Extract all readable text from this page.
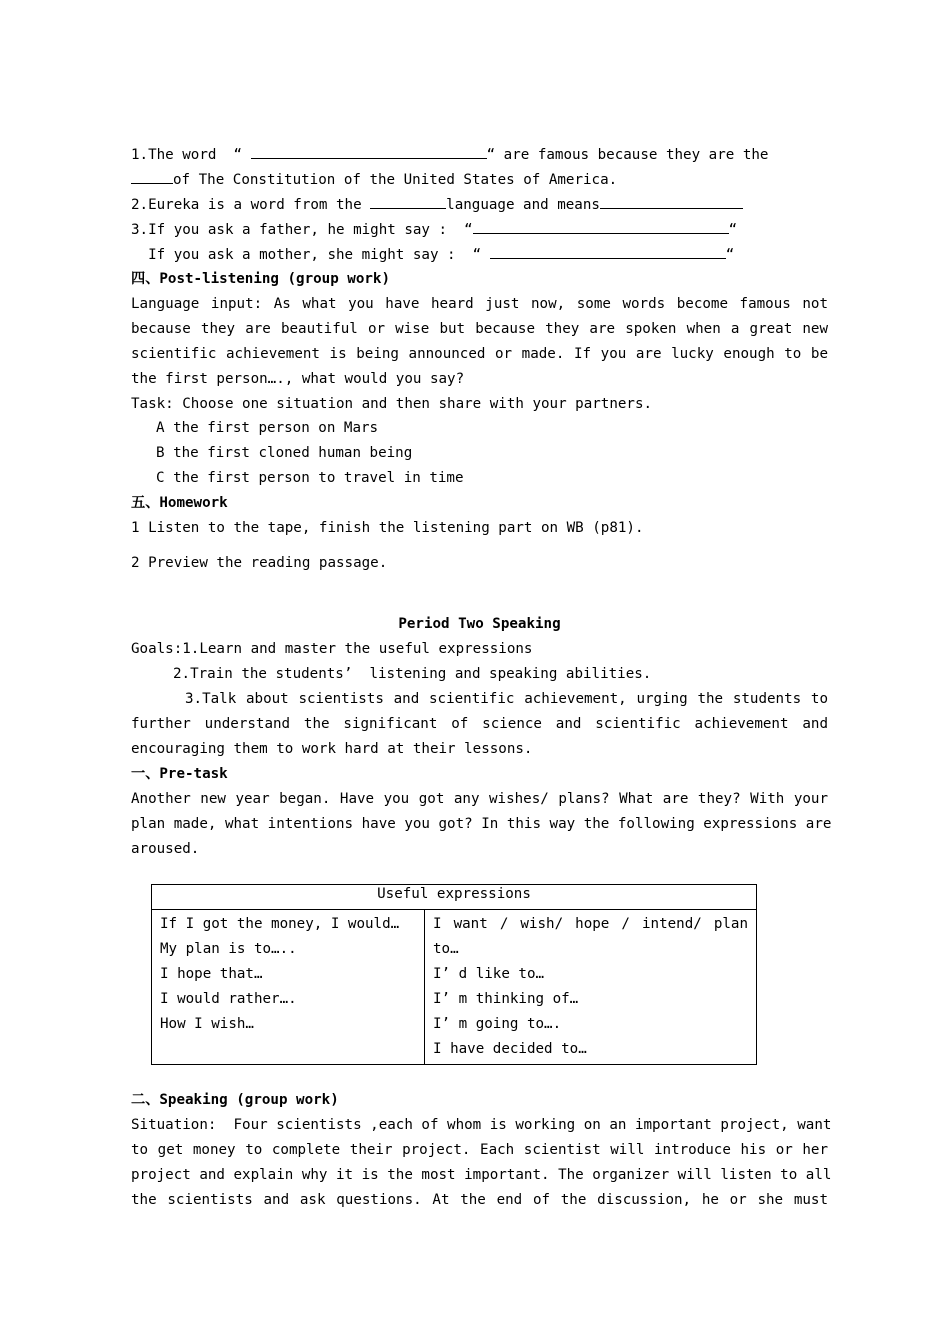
1.The word  “	“ are famous because they are the
of The Constitution of the United States of America.
2.Eureka is a word from the	language and means
3.If you ask a father, he might say :  “	“
If you ask a mother, she might say :  “	“
四、Post-listening (group work)
Language input: As what you have heard just now, some words become famous not
because they are beautiful or wise but because they are spoken when a great new
scientific achievement is being announced or made. If you are lucky enough to be
the first person…., what would you say?
Task: Choose one situation and then share with your partners.
A the first person on Mars
B the first cloned human being
C the first person to travel in time
五、Homework
1 Listen to the tape, finish the listening part on WB (p81).
2 Preview the reading passage.
Period Two Speaking
Goals:1.Learn and master the useful expressions
2.Train the students’  listening and speaking abilities.
3.Talk about scientists and scientific achievement, urging the students to
further understand the significant of science and scientific achievement and
encouraging them to work hard at their lessons.
一、Pre-task
Another new year began. Have you got any wishes/ plans? What are they? With your
plan made, what intentions have you got? In this way the following expressions are
aroused.
Useful expressions

If I got the money, I would…
My plan is to…..
I hope that…
I would rather….
How I wish…

I want / wish/ hope / intend/ plan
to…
I’ d like to…
I’ m thinking of…
I’ m going to….
I have decided to…
二、Speaking (group work)
Situation:  Four scientists ,each of whom is working on an important project, want
to get money to complete their project. Each scientist will introduce his or her
project and explain why it is the most important. The organizer will listen to all
the scientists and ask questions. At the end of the discussion, he or she must
